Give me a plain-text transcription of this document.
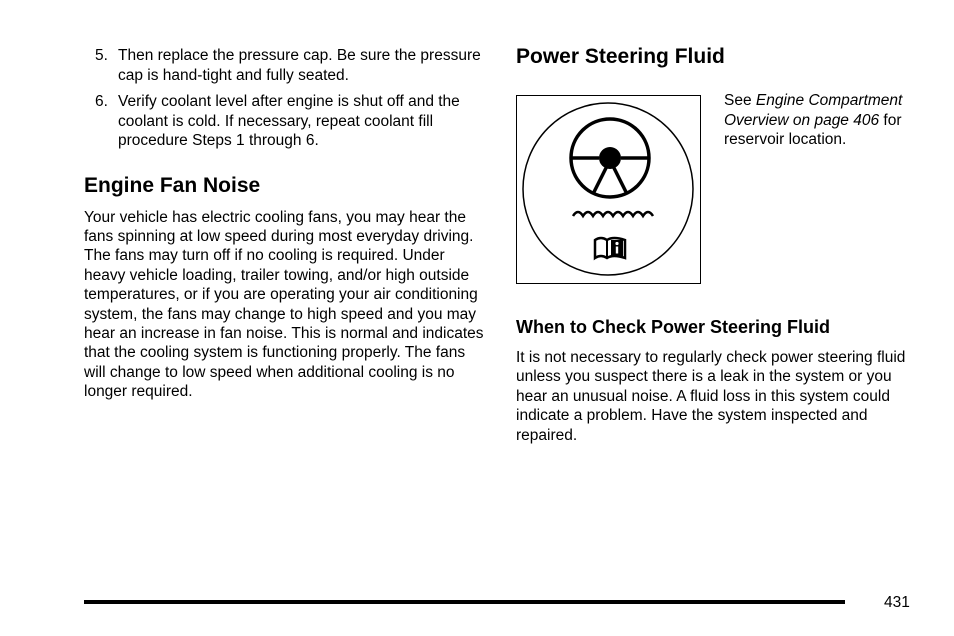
5. Then replace the pressure cap. Be sure the pressure cap is hand-tight and fully seated.
6. Verify coolant level after engine is shut off and the coolant is cold. If necessary, repeat coolant fill procedure Steps 1 through 6.
Engine Fan Noise

Your vehicle has electric cooling fans, you may hear the fans spinning at low speed during most everyday driving. The fans may turn off if no cooling is required. Under heavy vehicle loading, trailer towing, and/or high outside temperatures, or if you are operating your air conditioning system, the fans may change to high speed and you may hear an increase in fan noise. This is normal and indicates that the cooling system is functioning properly. The fans will change to low speed when additional cooling is no longer required.

Power Steering Fluid
See Engine Compartment Overview on page 406 for reservoir location.
When to Check Power Steering Fluid

It is not necessary to regularly check power steering fluid unless you suspect there is a leak in the system or you hear an unusual noise. A fluid loss in this system could indicate a problem. Have the system inspected and repaired.

431
